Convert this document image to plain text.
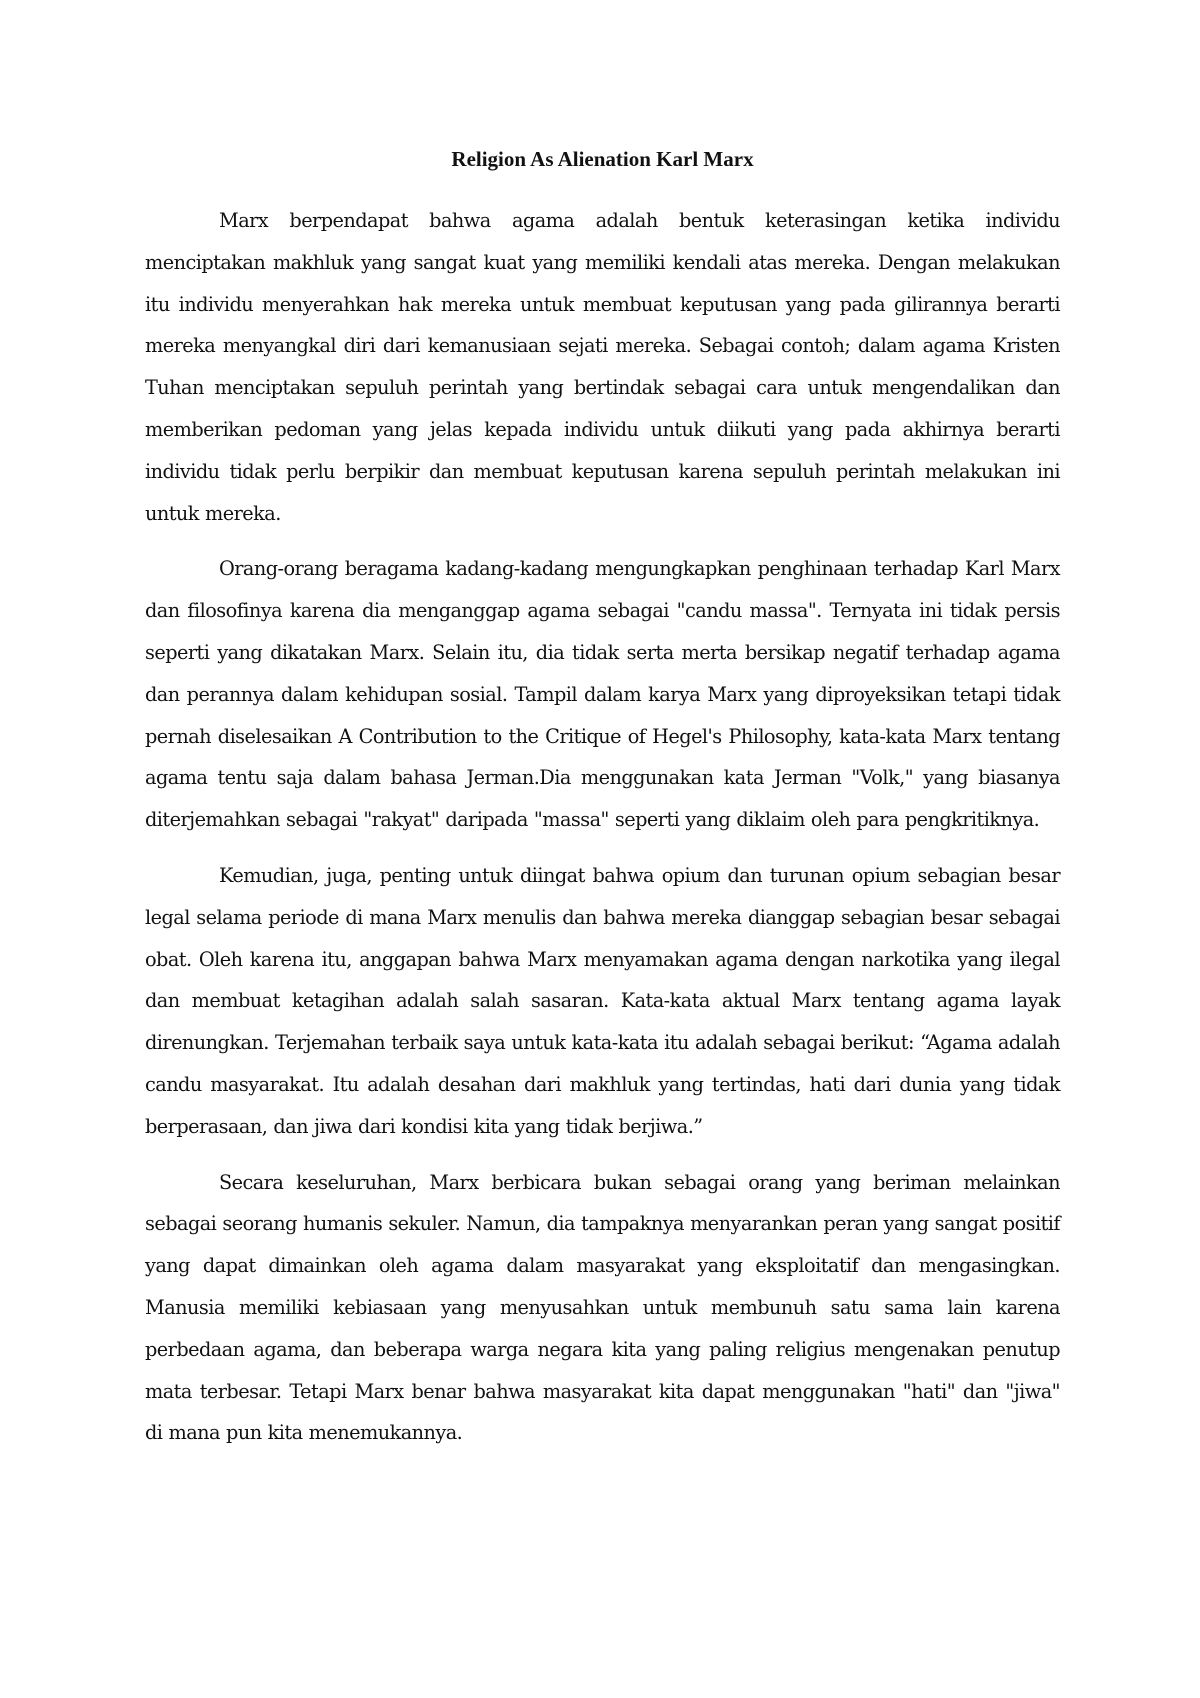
Religion As Alienation Karl Marx

Marx berpendapat bahwa agama adalah bentuk keterasingan ketika individu menciptakan makhluk yang sangat kuat yang memiliki kendali atas mereka. Dengan melakukan itu individu menyerahkan hak mereka untuk membuat keputusan yang pada gilirannya berarti mereka menyangkal diri dari kemanusiaan sejati mereka. Sebagai contoh; dalam agama Kristen Tuhan menciptakan sepuluh perintah yang bertindak sebagai cara untuk mengendalikan dan memberikan pedoman yang jelas kepada individu untuk diikuti yang pada akhirnya berarti individu tidak perlu berpikir dan membuat keputusan karena sepuluh perintah melakukan ini untuk mereka.

Orang-orang beragama kadang-kadang mengungkapkan penghinaan terhadap Karl Marx dan filosofinya karena dia menganggap agama sebagai "candu massa". Ternyata ini tidak persis seperti yang dikatakan Marx. Selain itu, dia tidak serta merta bersikap negatif terhadap agama dan perannya dalam kehidupan sosial. Tampil dalam karya Marx yang diproyeksikan tetapi tidak pernah diselesaikan A Contribution to the Critique of Hegel's Philosophy, kata-kata Marx tentang agama tentu saja dalam bahasa Jerman.Dia menggunakan kata Jerman "Volk," yang biasanya diterjemahkan sebagai "rakyat" daripada "massa" seperti yang diklaim oleh para pengkritiknya.

Kemudian, juga, penting untuk diingat bahwa opium dan turunan opium sebagian besar legal selama periode di mana Marx menulis dan bahwa mereka dianggap sebagian besar sebagai obat. Oleh karena itu, anggapan bahwa Marx menyamakan agama dengan narkotika yang ilegal dan membuat ketagihan adalah salah sasaran. Kata-kata aktual Marx tentang agama layak direnungkan. Terjemahan terbaik saya untuk kata-kata itu adalah sebagai berikut: “Agama adalah candu masyarakat. Itu adalah desahan dari makhluk yang tertindas, hati dari dunia yang tidak berperasaan, dan jiwa dari kondisi kita yang tidak berjiwa.”

Secara keseluruhan, Marx berbicara bukan sebagai orang yang beriman melainkan sebagai seorang humanis sekuler. Namun, dia tampaknya menyarankan peran yang sangat positif yang dapat dimainkan oleh agama dalam masyarakat yang eksploitatif dan mengasingkan. Manusia memiliki kebiasaan yang menyusahkan untuk membunuh satu sama lain karena perbedaan agama, dan beberapa warga negara kita yang paling religius mengenakan penutup mata terbesar. Tetapi Marx benar bahwa masyarakat kita dapat menggunakan "hati" dan "jiwa" di mana pun kita menemukannya.
